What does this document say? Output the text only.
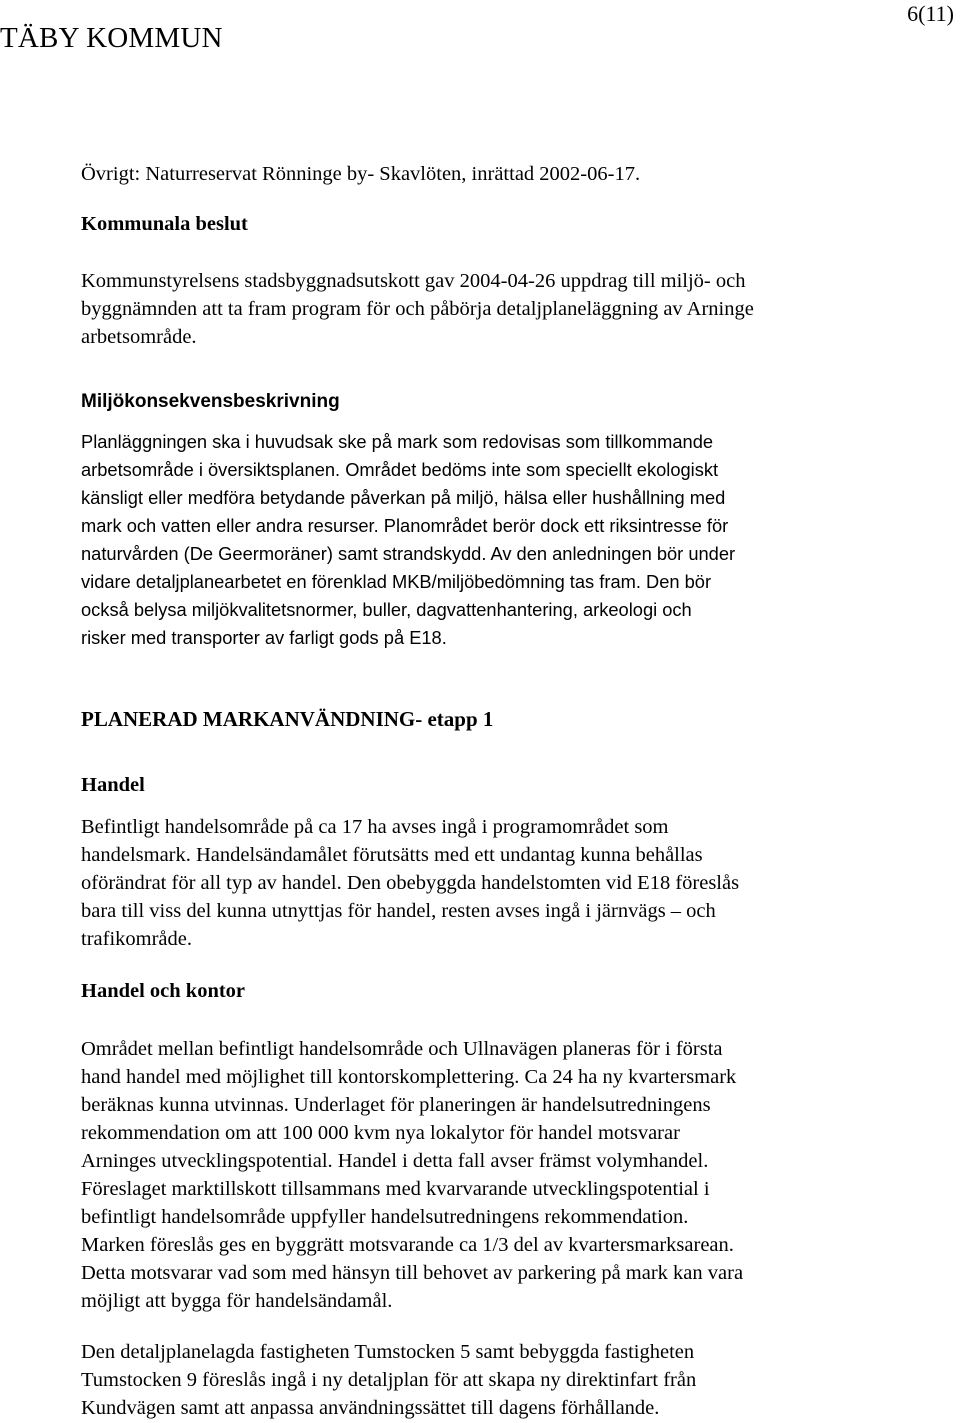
TÄBY KOMMUN
6(11)
Övrigt: Naturreservat Rönninge by- Skavlöten, inrättad 2002-06-17.
Kommunala beslut
Kommunstyrelsens stadsbyggnadsutskott gav 2004-04-26 uppdrag till miljö- och
byggnämnden att ta fram program för och påbörja detaljplaneläggning av Arninge
arbetsområde.
Miljökonsekvensbeskrivning
Planläggningen ska i huvudsak ske på mark som redovisas som tillkommande
arbetsområde i översiktsplanen. Området bedöms inte som speciellt ekologiskt
känsligt eller medföra betydande påverkan på miljö, hälsa eller hushållning med
mark och vatten eller andra resurser. Planområdet berör dock ett riksintresse för
naturvården (De Geermoräner) samt strandskydd. Av den anledningen bör under
vidare detaljplanearbetet en förenklad MKB/miljöbedömning tas fram. Den bör
också belysa miljökvalitetsnormer, buller, dagvattenhantering, arkeologi och
risker med transporter av farligt gods på E18.
PLANERAD MARKANVÄNDNING- etapp 1
Handel
Befintligt handelsområde på ca 17 ha avses ingå i programområdet som
handelsmark. Handelsändamålet förutsätts med ett undantag kunna behållas
oförändrat för all typ av handel. Den obebyggda handelstomten vid E18 föreslås
bara till viss del kunna utnyttjas för handel, resten avses ingå i järnvägs – och
trafikområde.
Handel och kontor
Området mellan befintligt handelsområde och Ullnavägen planeras för i första
hand handel med möjlighet till kontorskomplettering. Ca 24 ha ny kvartersmark
beräknas kunna utvinnas. Underlaget för planeringen är handelsutredningens
rekommendation om att 100 000 kvm nya lokalytor för handel motsvarar
Arninges utvecklingspotential. Handel i detta fall avser främst volymhandel.
Föreslaget marktillskott tillsammans med kvarvarande utvecklingspotential i
befintligt handelsområde uppfyller handelsutredningens rekommendation.
Marken föreslås ges en byggrätt motsvarande ca 1/3 del av kvartersmarksarean.
Detta motsvarar vad som med hänsyn till behovet av parkering på mark kan vara
möjligt att bygga för handelsändamål.
Den detaljplanelagda fastigheten Tumstocken 5 samt bebyggda fastigheten
Tumstocken 9 föreslås ingå i ny detaljplan för att skapa ny direktinfart från
Kundvägen samt att anpassa användningssättet till dagens förhållande.
